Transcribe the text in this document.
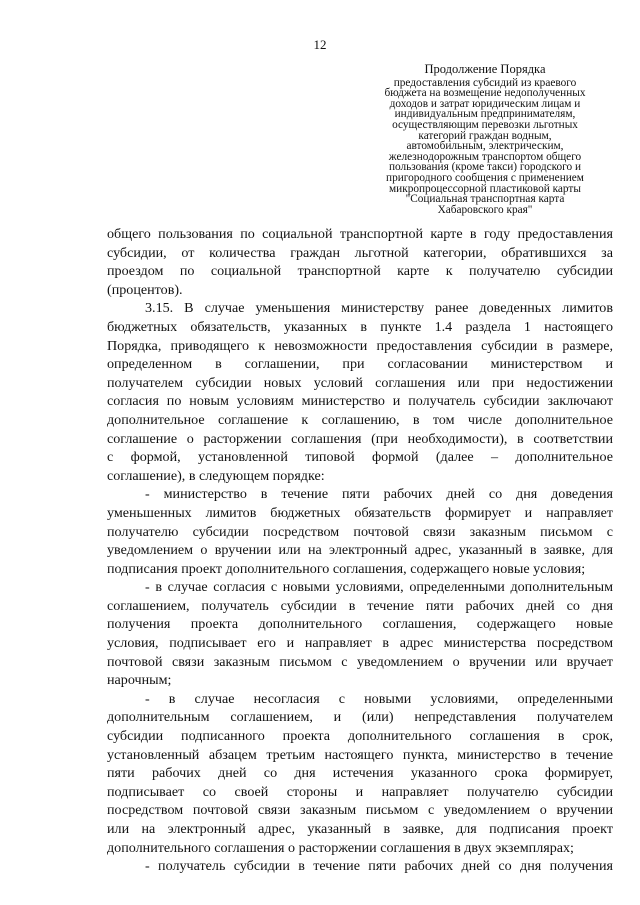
12
Продолжение Порядка
предоставления субсидий из краевого
бюджета на возмещение недополученных
доходов и затрат юридическим лицам и
индивидуальным предпринимателям,
осуществляющим перевозки льготных
категорий граждан водным,
автомобильным, электрическим,
железнодорожным транспортом общего
пользования (кроме такси) городского и
пригородного сообщения с применением
микропроцессорной пластиковой карты
"Социальная транспортная карта
Хабаровского края"
общего пользования по социальной транспортной карте в году предоставления
субсидии, от количества граждан льготной категории, обратившихся за
проездом по социальной транспортной карте к получателю субсидии
(процентов).
3.15. В случае уменьшения министерству ранее доведенных лимитов
бюджетных обязательств, указанных в пункте 1.4 раздела 1 настоящего
Порядка, приводящего к невозможности предоставления субсидии в размере,
определенном в соглашении, при согласовании министерством и
получателем субсидии новых условий соглашения или при недостижении
согласия по новым условиям министерство и получатель субсидии заключают
дополнительное соглашение к соглашению, в том числе дополнительное
соглашение о расторжении соглашения (при необходимости), в соответствии
с формой, установленной типовой формой (далее – дополнительное
соглашение), в следующем порядке:
- министерство в течение пяти рабочих дней со дня доведения
уменьшенных лимитов бюджетных обязательств формирует и направляет
получателю субсидии посредством почтовой связи заказным письмом с
уведомлением о вручении или на электронный адрес, указанный в заявке, для
подписания проект дополнительного соглашения, содержащего новые условия;
- в случае согласия с новыми условиями, определенными дополнительным
соглашением, получатель субсидии в течение пяти рабочих дней со дня
получения проекта дополнительного соглашения, содержащего новые
условия, подписывает его и направляет в адрес министерства посредством
почтовой связи заказным письмом с уведомлением о вручении или вручает
нарочным;
- в случае несогласия с новыми условиями, определенными
дополнительным соглашением, и (или) непредставления получателем
субсидии подписанного проекта дополнительного соглашения в срок,
установленный абзацем третьим настоящего пункта, министерство в течение
пяти рабочих дней со дня истечения указанного срока формирует,
подписывает со своей стороны и направляет получателю субсидии
посредством почтовой связи заказным письмом с уведомлением о вручении
или на электронный адрес, указанный в заявке, для подписания проект
дополнительного соглашения о расторжении соглашения в двух экземплярах;
- получатель субсидии в течение пяти рабочих дней со дня получения
